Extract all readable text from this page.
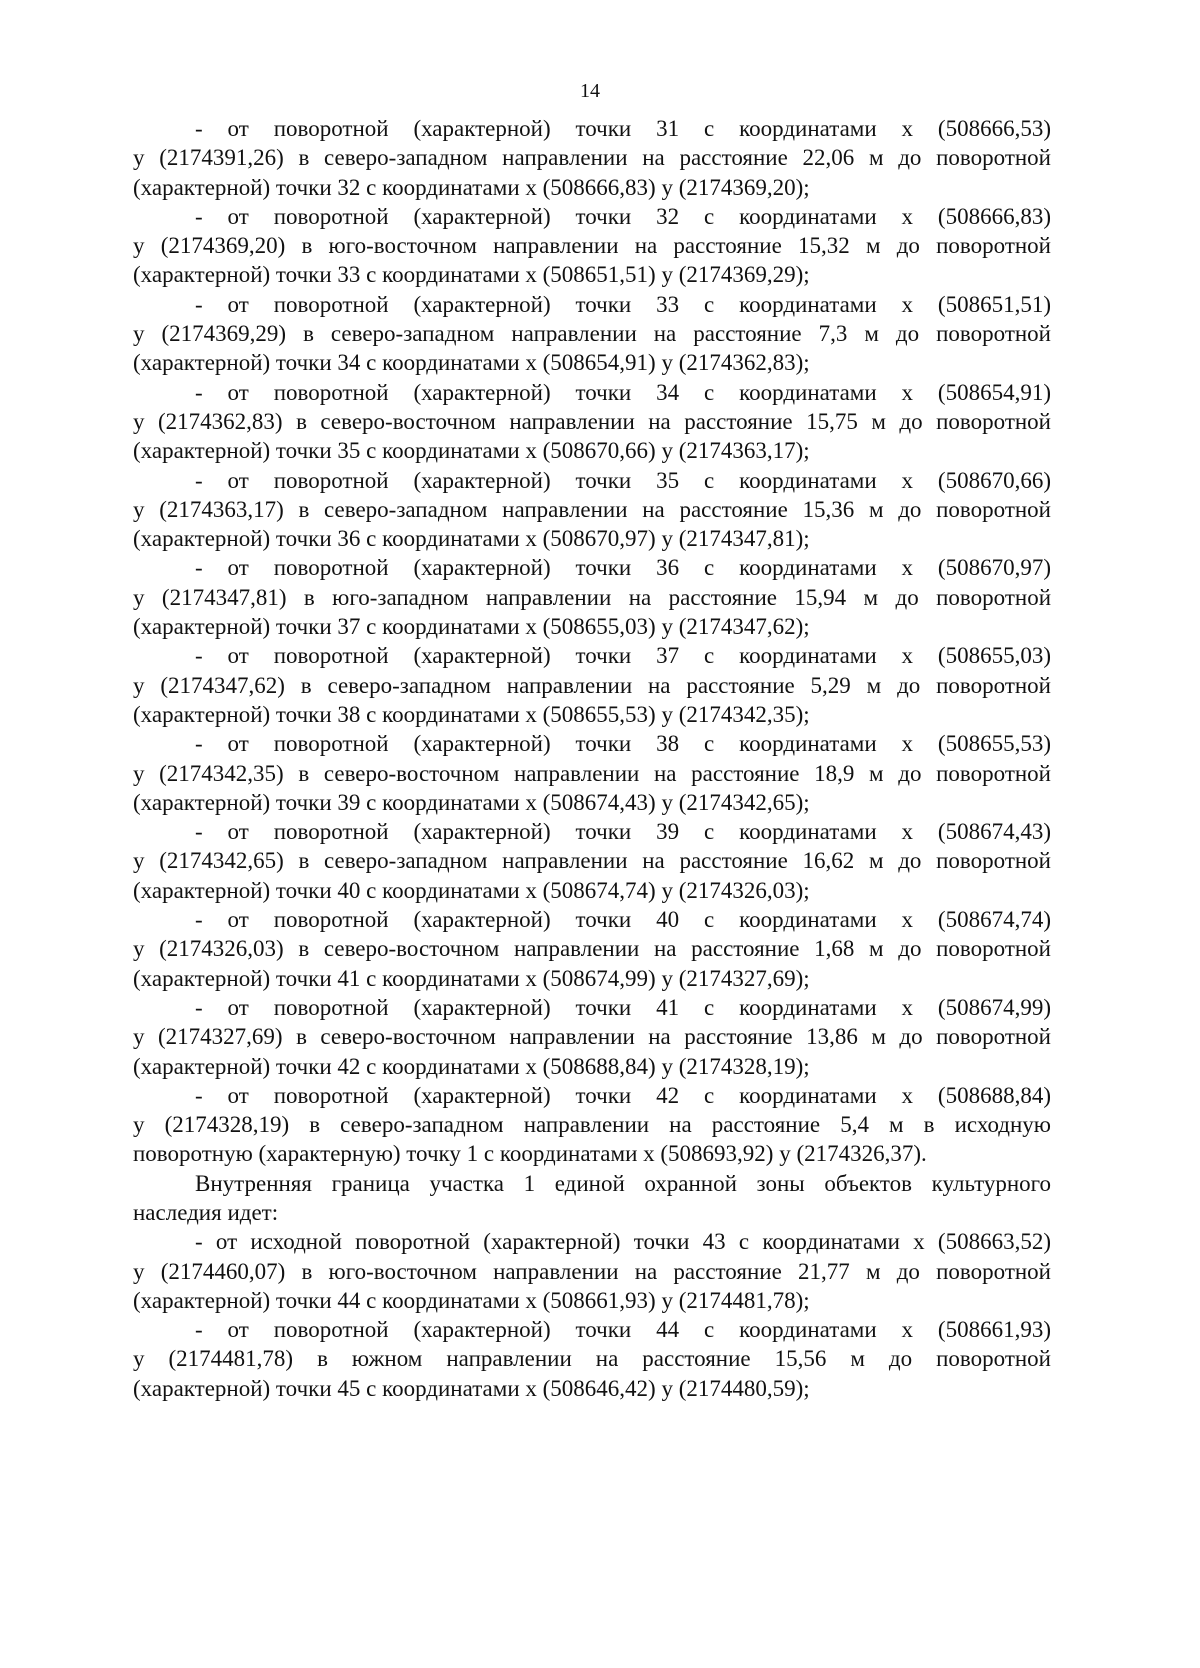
14
- от поворотной (характерной) точки 31 с координатами х (508666,53)
у (2174391,26) в северо-западном направлении на расстояние 22,06 м до поворотной
(характерной) точки 32 с координатами х (508666,83) у (2174369,20);
- от поворотной (характерной) точки 32 с координатами х (508666,83)
у (2174369,20) в юго-восточном направлении на расстояние 15,32 м до поворотной
(характерной) точки 33 с координатами х (508651,51) у (2174369,29);
- от поворотной (характерной) точки 33 с координатами х (508651,51)
у (2174369,29) в северо-западном направлении на расстояние 7,3 м до поворотной
(характерной) точки 34 с координатами х (508654,91) у (2174362,83);
- от поворотной (характерной) точки 34 с координатами х (508654,91)
у (2174362,83) в северо-восточном направлении на расстояние 15,75 м до поворотной
(характерной) точки 35 с координатами х (508670,66) у (2174363,17);
- от поворотной (характерной) точки 35 с координатами х (508670,66)
у (2174363,17) в северо-западном направлении на расстояние 15,36 м до поворотной
(характерной) точки 36 с координатами х (508670,97) у (2174347,81);
- от поворотной (характерной) точки 36 с координатами х (508670,97)
у (2174347,81) в юго-западном направлении на расстояние 15,94 м до поворотной
(характерной) точки 37 с координатами х (508655,03) у (2174347,62);
- от поворотной (характерной) точки 37 с координатами х (508655,03)
у (2174347,62) в северо-западном направлении на расстояние 5,29 м до поворотной
(характерной) точки 38 с координатами х (508655,53) у (2174342,35);
- от поворотной (характерной) точки 38 с координатами х (508655,53)
у (2174342,35) в северо-восточном направлении на расстояние 18,9 м до поворотной
(характерной) точки 39 с координатами х (508674,43) у (2174342,65);
- от поворотной (характерной) точки 39 с координатами х (508674,43)
у (2174342,65) в северо-западном направлении на расстояние 16,62 м до поворотной
(характерной) точки 40 с координатами х (508674,74) у (2174326,03);
- от поворотной (характерной) точки 40 с координатами х (508674,74)
у (2174326,03) в северо-восточном направлении на расстояние 1,68 м до поворотной
(характерной) точки 41 с координатами х (508674,99) у (2174327,69);
- от поворотной (характерной) точки 41 с координатами х (508674,99)
у (2174327,69) в северо-восточном направлении на расстояние 13,86 м до поворотной
(характерной) точки 42 с координатами х (508688,84) у (2174328,19);
- от поворотной (характерной) точки 42 с координатами х (508688,84)
у (2174328,19) в северо-западном направлении на расстояние 5,4 м в исходную
поворотную (характерную) точку 1 с координатами х (508693,92) у (2174326,37).
Внутренняя граница участка 1 единой охранной зоны объектов культурного
наследия идет:
- от исходной поворотной (характерной) точки 43 с координатами х (508663,52)
у (2174460,07) в юго-восточном направлении на расстояние 21,77 м до поворотной
(характерной) точки 44 с координатами х (508661,93) у (2174481,78);
- от поворотной (характерной) точки 44 с координатами х (508661,93)
у (2174481,78) в южном направлении на расстояние 15,56 м до поворотной
(характерной) точки 45 с координатами х (508646,42) у (2174480,59);
